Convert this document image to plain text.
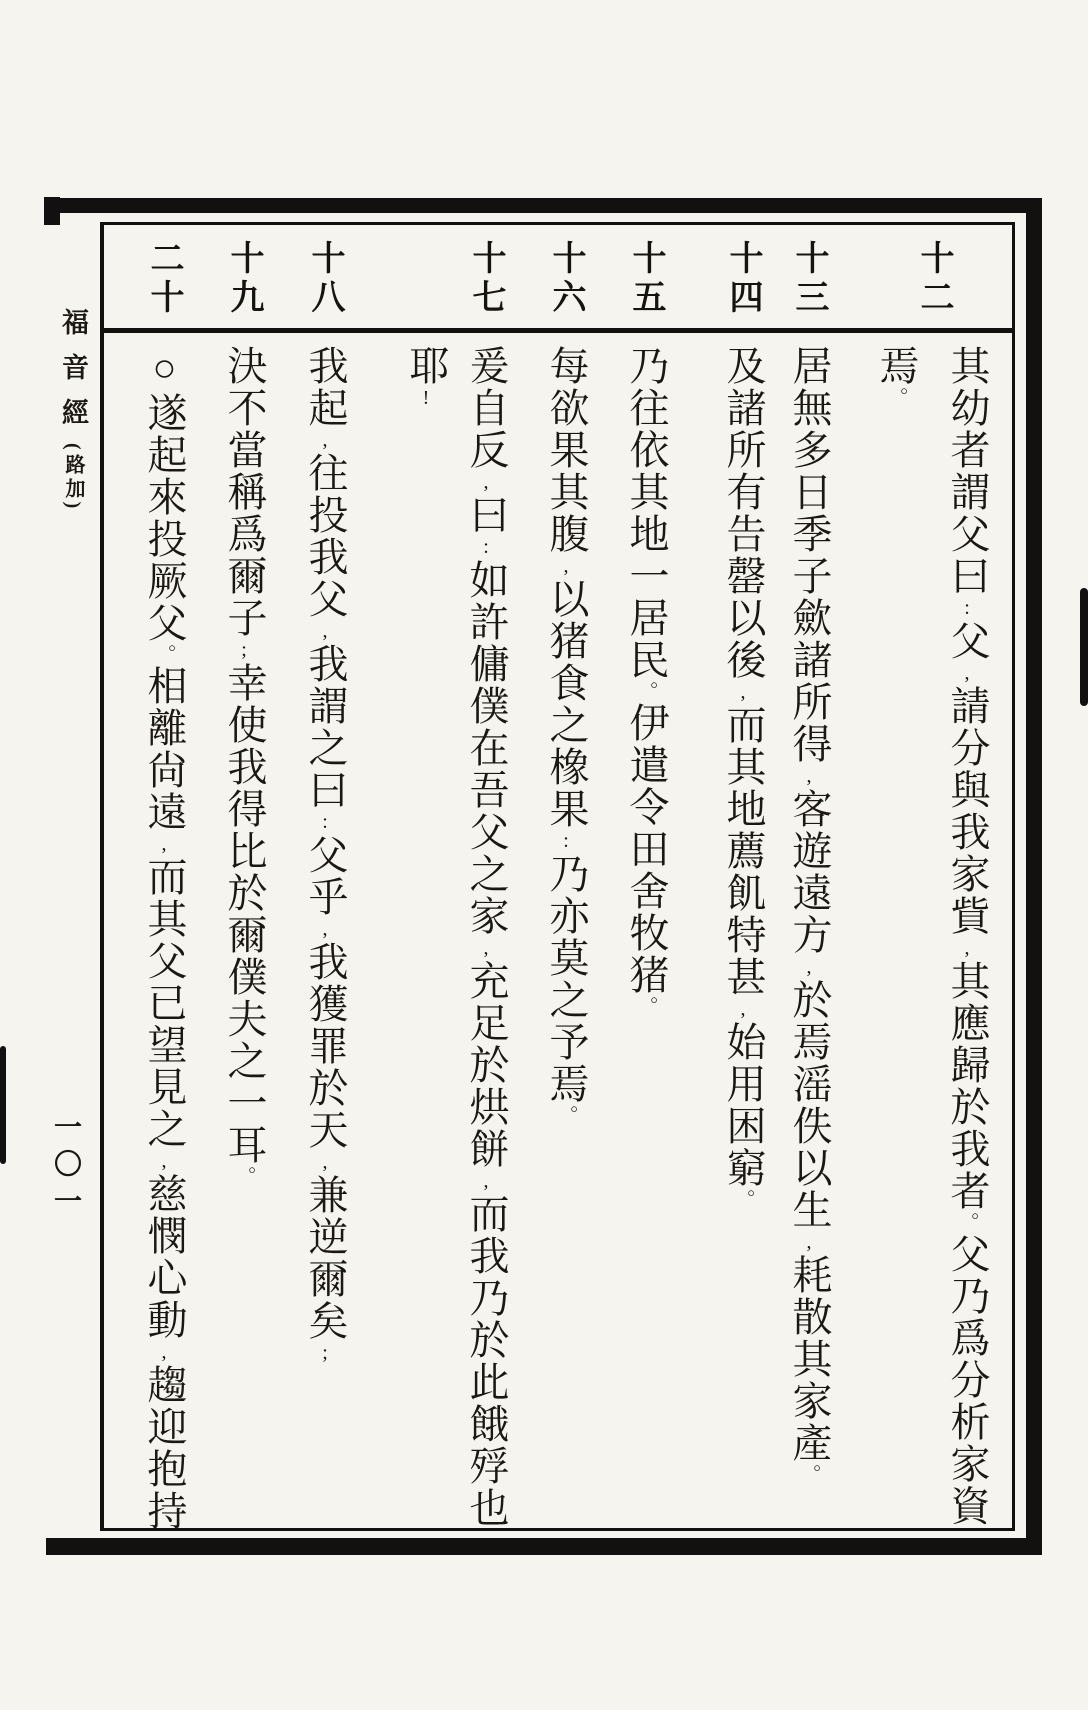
福音經(路加)
一〇一
十二
十三
十四
十五
十六
十七
十八
十九
二十
其幼者謂父曰:父,請分與我家貲,其應歸於我者。父乃爲分析家資
焉。
居無多日季子歛諸所得,客遊遠方,於焉滛佚以生,耗散其家產。
及諸所有告罄以後,而其地薦飢特甚,始用困窮。
乃往依其地一居民。伊遣令田舍牧猪。
每欲果其腹,以猪食之橡果:乃亦莫之予焉。
爰自反,曰:如許傭僕在吾父之家,充足於烘餅,而我乃於此餓殍也
耶!
我起,往投我父,我謂之曰:父乎,我獲罪於天,兼逆爾矣;
決不當稱爲爾子;幸使我得比於爾僕夫之一耳。
○遂起來投厥父。相離尙遠,而其父已望見之,慈憫心動,趨迎抱持
